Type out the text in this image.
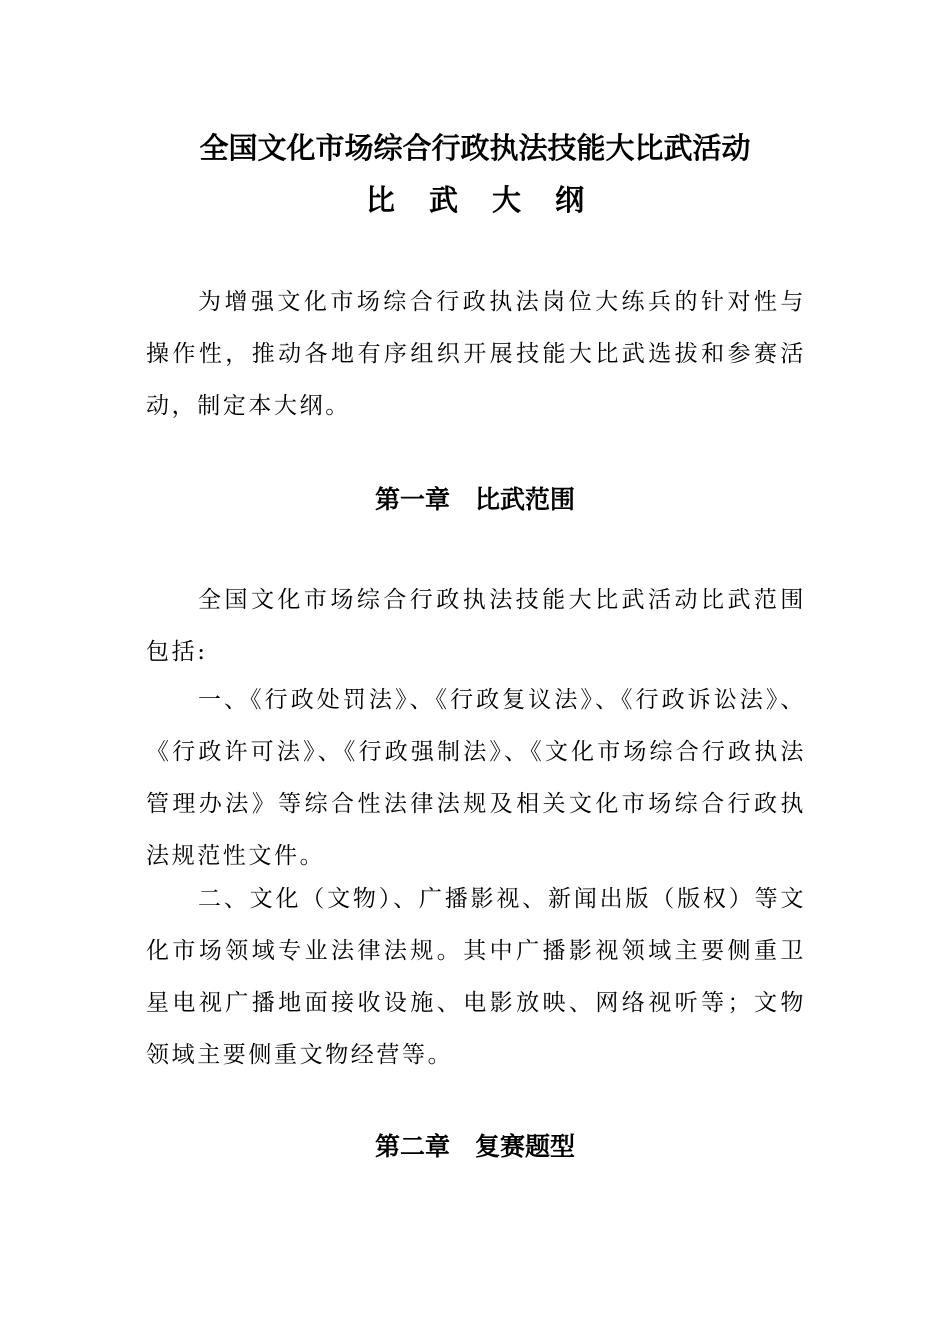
全国文化市场综合行政执法技能大比武活动
比 武 大 纲

为增强文化市场综合行政执法岗位大练兵的针对性与操作性，推动各地有序组织开展技能大比武选拔和参赛活动，制定本大纲。

第一章　比武范围

全国文化市场综合行政执法技能大比武活动比武范围包括:

一、《行政处罚法》、《行政复议法》、《行政诉讼法》、《行政许可法》、《行政强制法》、《文化市场综合行政执法管理办法》等综合性法律法规及相关文化市场综合行政执法规范性文件。

二、文化（文物）、广播影视、新闻出版（版权）等文化市场领域专业法律法规。其中广播影视领域主要侧重卫星电视广播地面接收设施、电影放映、网络视听等；文物领域主要侧重文物经营等。

第二章　复赛题型
